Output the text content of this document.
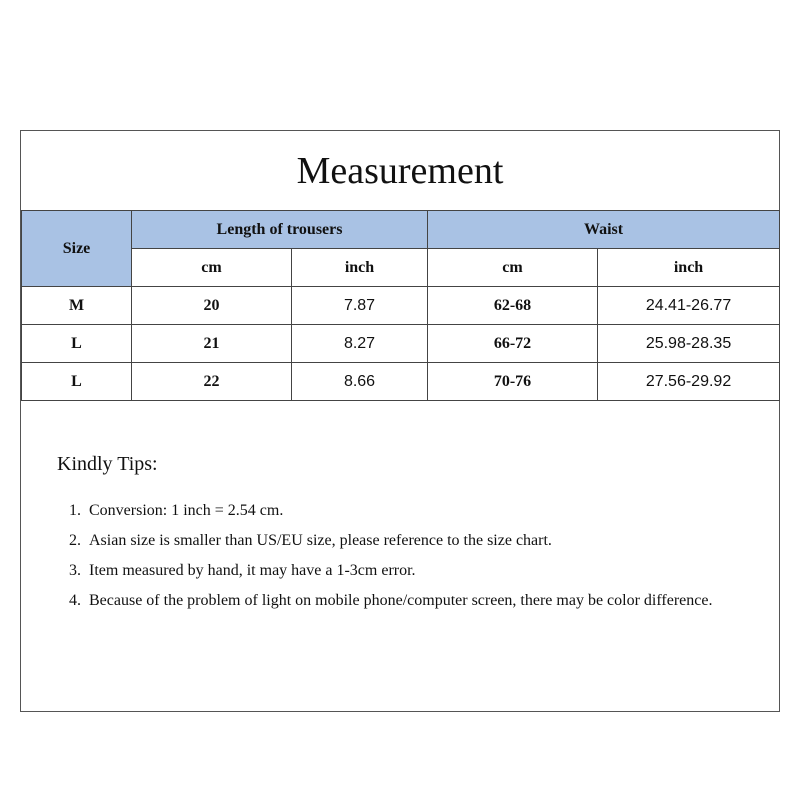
Measurement
Size	Length of trousers		Waist	
	cm	inch	cm	inch
M	20	7.87	62-68	24.41-26.77
L	21	8.27	66-72	25.98-28.35
L	22	8.66	70-76	27.56-29.92
Kindly Tips:
1. Conversion: 1 inch = 2.54 cm.
2. Asian size is smaller than US/EU size, please reference to the size chart.
3. Item measured by hand, it may have a 1-3cm error.
4. Because of the problem of light on mobile phone/computer screen, there may be color difference.
